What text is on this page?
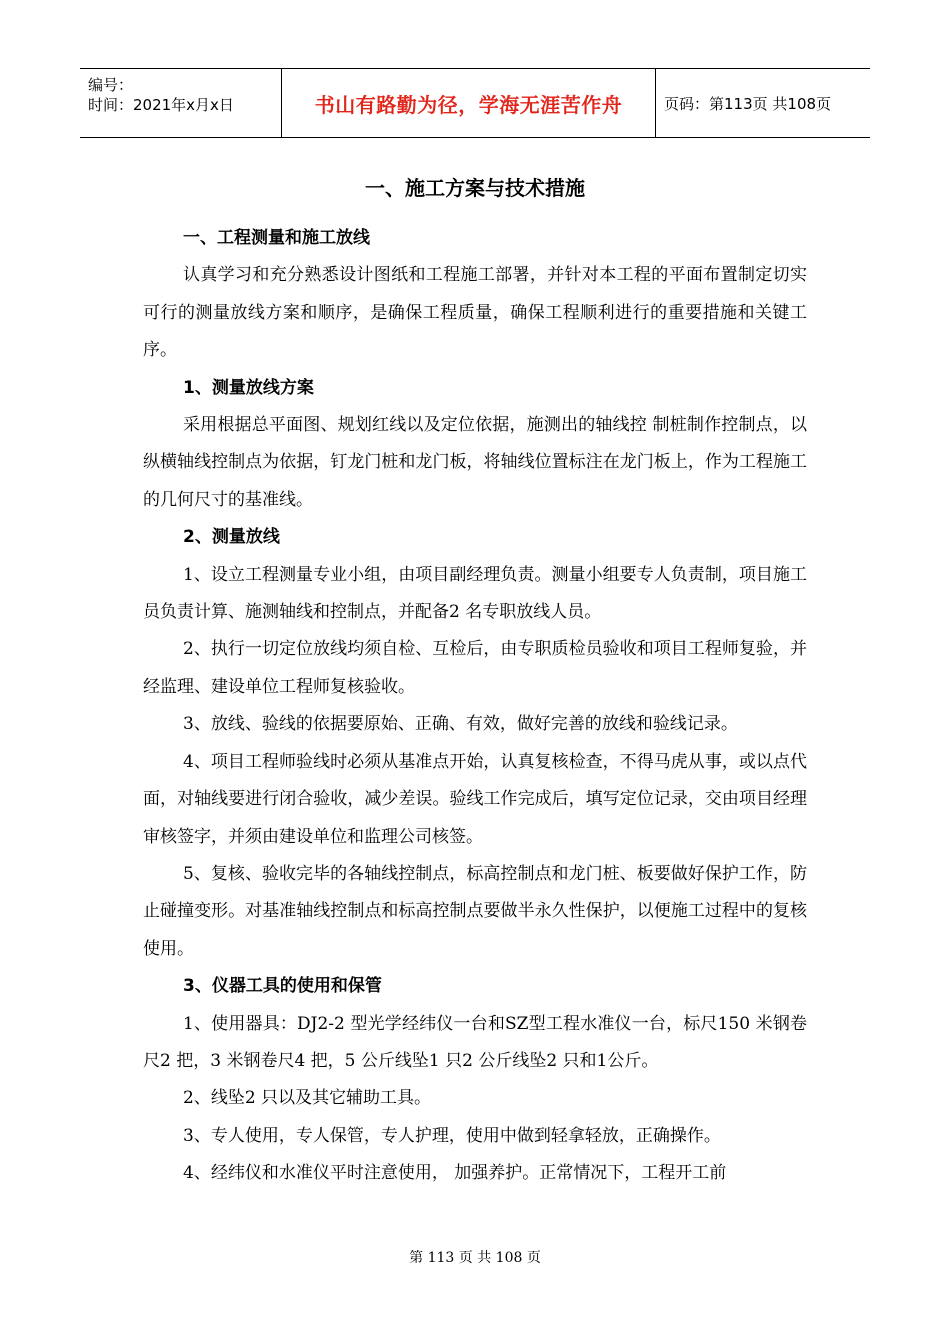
编号：
时间：2021年x月x日	书山有路勤为径，学海无涯苦作舟	页码：第113页 共108页
一、施工方案与技术措施

一、工程测量和施工放线

认真学习和充分熟悉设计图纸和工程施工部署，并针对本工程的平面布置制定切实可行的测量放线方案和顺序，是确保工程质量，确保工程顺利进行的重要措施和关键工序。

1、测量放线方案

采用根据总平面图、规划红线以及定位依据，施测出的轴线控 制桩制作控制点，以纵横轴线控制点为依据，钉龙门桩和龙门板，将轴线位置标注在龙门板上，作为工程施工的几何尺寸的基准线。

2、测量放线

1、设立工程测量专业小组，由项目副经理负责。测量小组要专人负责制，项目施工员负责计算、施测轴线和控制点，并配备2 名专职放线人员。

2、执行一切定位放线均须自检、互检后，由专职质检员验收和项目工程师复验，并经监理、建设单位工程师复核验收。

3、放线、验线的依据要原始、正确、有效，做好完善的放线和验线记录。

4、项目工程师验线时必须从基准点开始，认真复核检查，不得马虎从事，或以点代面，对轴线要进行闭合验收，减少差误。验线工作完成后，填写定位记录，交由项目经理审核签字，并须由建设单位和监理公司核签。

5、复核、验收完毕的各轴线控制点，标高控制点和龙门桩、板要做好保护工作，防止碰撞变形。对基准轴线控制点和标高控制点要做半永久性保护，以便施工过程中的复核使用。

3、仪器工具的使用和保管

1、使用器具：DJ2-2 型光学经纬仪一台和SZ型工程水准仪一台，标尺150 米钢卷尺2 把，3 米钢卷尺4 把，5 公斤线坠1 只2 公斤线坠2 只和1公斤。

2、线坠2 只以及其它辅助工具。

3、专人使用，专人保管，专人护理，使用中做到轻拿轻放，正确操作。

4、经纬仪和水准仪平时注意使用， 加强养护。正常情况下，工程开工前

第 113 页 共 108 页
